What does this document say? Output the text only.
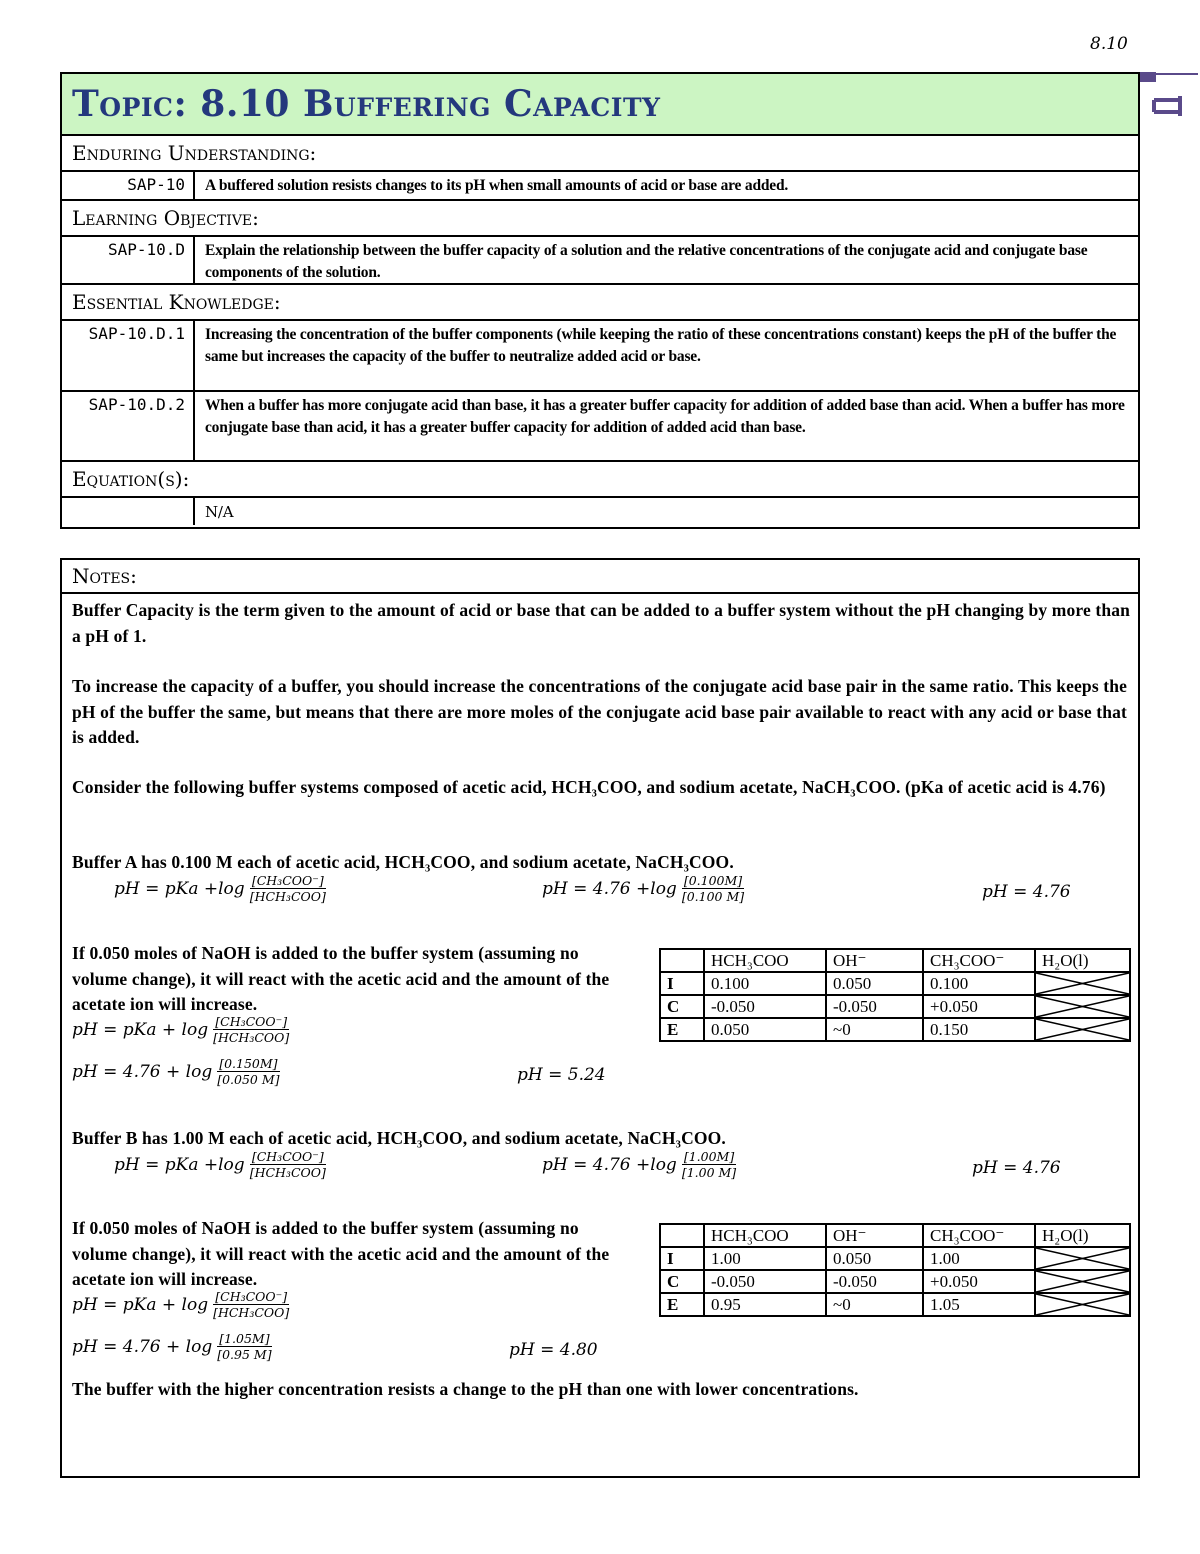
8.10
Topic: 8.10 Buffering Capacity
Enduring Understanding:
SAP-10	A buffered solution resists changes to its pH when small amounts of acid or base are added.
Learning Objective:
SAP-10.D	Explain the relationship between the buffer capacity of a solution and the relative concentrations of the conjugate acid and conjugate base components of the solution.
Essential Knowledge:
SAP-10.D.1	Increasing the concentration of the buffer components (while keeping the ratio of these concentrations constant) keeps the pH of the buffer the same but increases the capacity of the buffer to neutralize added acid or base.
SAP-10.D.2	When a buffer has more conjugate acid than base, it has a greater buffer capacity for addition of added base than acid. When a buffer has more conjugate base than acid, it has a greater buffer capacity for addition of added acid than base.
Equation(s):
N/A
Notes:
Buffer Capacity is the term given to the amount of acid or base that can be added to a buffer system without the pH changing by more than a pH of 1.
To increase the capacity of a buffer, you should increase the concentrations of the conjugate acid base pair in the same ratio. This keeps the pH of the buffer the same, but means that there are more moles of the conjugate acid base pair available to react with any acid or base that is added.
Consider the following buffer systems composed of acetic acid, HCH₃COO, and sodium acetate, NaCH₃COO. (pKa of acetic acid is 4.76)
Buffer A has 0.100 M each of acetic acid, HCH₃COO, and sodium acetate, NaCH₃COO.
pH = pKa $+\log \frac{\text{[CH₃COO⁻]}}{\text{[HCH₃COO]}}$	pH = $4.76 +\log \frac{[0.100M]}{[0.100 M]}$	pH = 4.76
If 0.050 moles of NaOH is added to the buffer system (assuming no volume change), it will react with the acetic acid and the amount of the acetate ion will increase.
pH = pKa + $\log \frac{\text{[CH₃COO⁻]}}{\text{[HCH₃COO]}}$
pH = $4.76 + \log \frac{[0.150M]}{[0.050 M]}$	pH = 5.24
	HCH₃COO	OH⁻	CH₃COO⁻	H₂O(l)
I	0.100	0.050	0.100	

C	-0.050	-0.050	+0.050	

E	0.050	~0	0.150	
Buffer B has 1.00 M each of acetic acid, HCH₃COO, and sodium acetate, NaCH₃COO.
pH = pKa $+\log \frac{\text{[CH₃COO⁻]}}{\text{[HCH₃COO]}}$	pH = $4.76 +\log \frac{[1.00M]}{[1.00 M]}$	pH = 4.76
If 0.050 moles of NaOH is added to the buffer system (assuming no volume change), it will react with the acetic acid and the amount of the acetate ion will increase.
pH = pKa + $\log \frac{\text{[CH₃COO⁻]}}{\text{[HCH₃COO]}}$
pH = $4.76 + \log \frac{[1.05M]}{[0.95 M]}$	pH = 4.80
	HCH₃COO	OH⁻	CH₃COO⁻	H₂O(l)
I	1.00	0.050	1.00	

C	-0.050	-0.050	+0.050	

E	0.95	~0	1.05	
The buffer with the higher concentration resists a change to the pH than one with lower concentrations.
